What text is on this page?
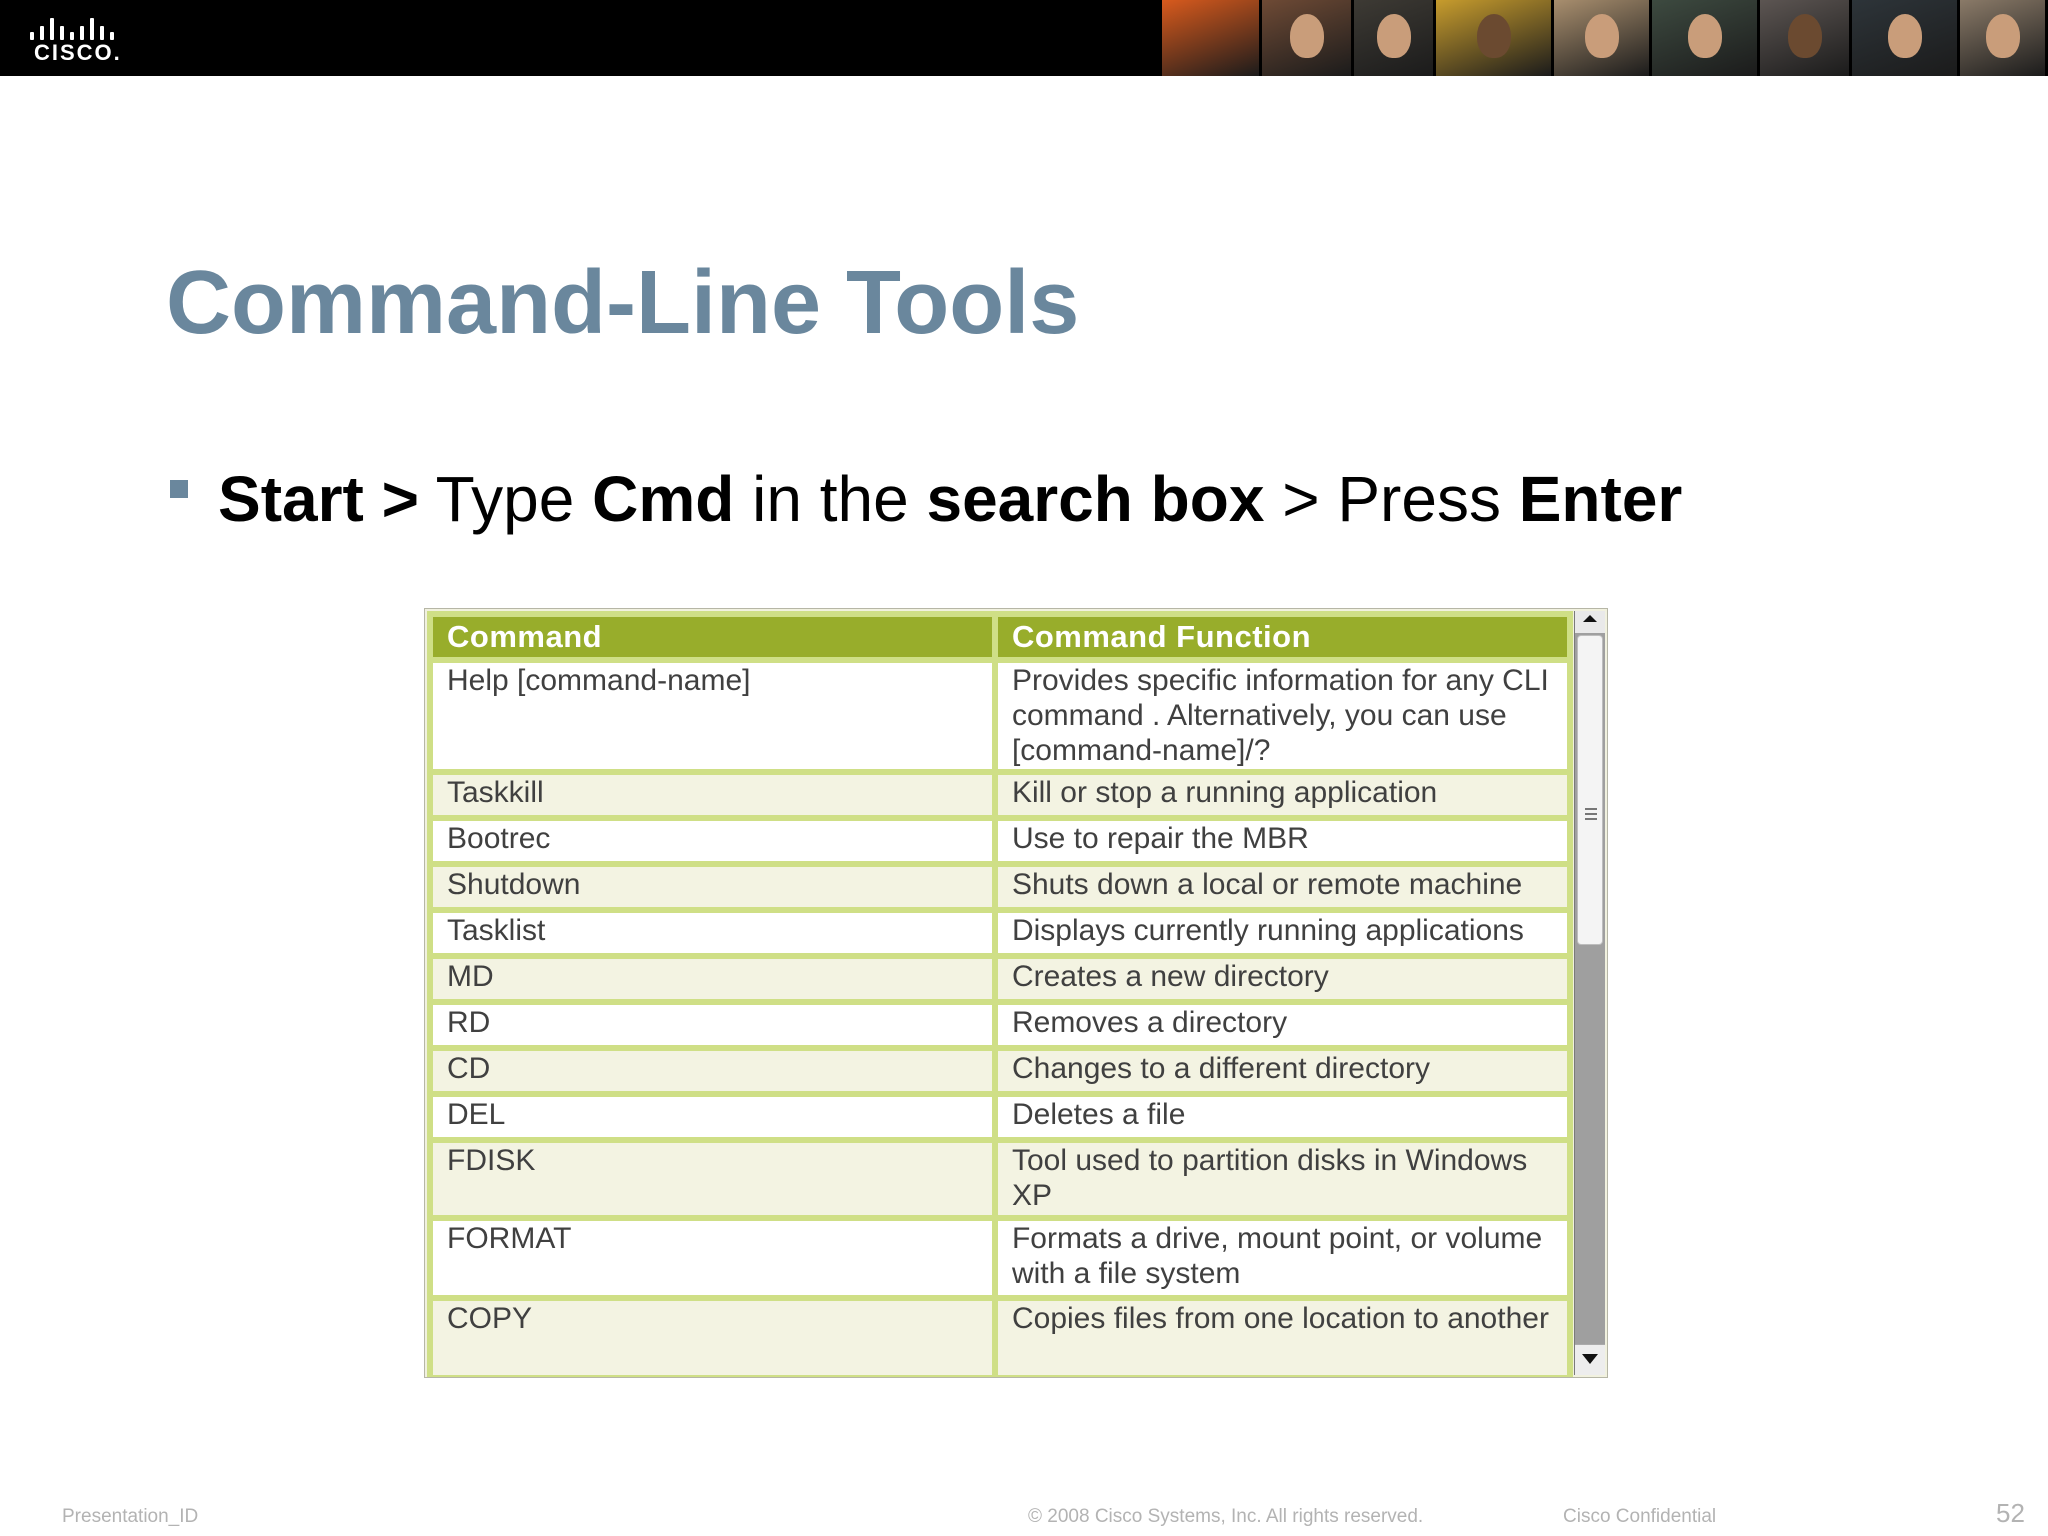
CISCO.
Command-Line Tools
Start > Type Cmd in the search box > Press Enter
Command	Command Function
Help [command-name]	Provides specific information for any CLI command . Alternatively, you can use [command-name]/?
Taskkill	Kill or stop a running application
Bootrec	Use to repair the MBR
Shutdown	Shuts down a local or remote machine
Tasklist	Displays currently running applications
MD	Creates a new directory
RD	Removes a directory
CD	Changes to a different directory
DEL	Deletes a file
FDISK	Tool used to partition disks in Windows XP
FORMAT	Formats a drive, mount point, or volume with a file system
COPY	Copies files from one location to another
Presentation_ID	© 2008 Cisco Systems, Inc. All rights reserved.	Cisco Confidential	52
